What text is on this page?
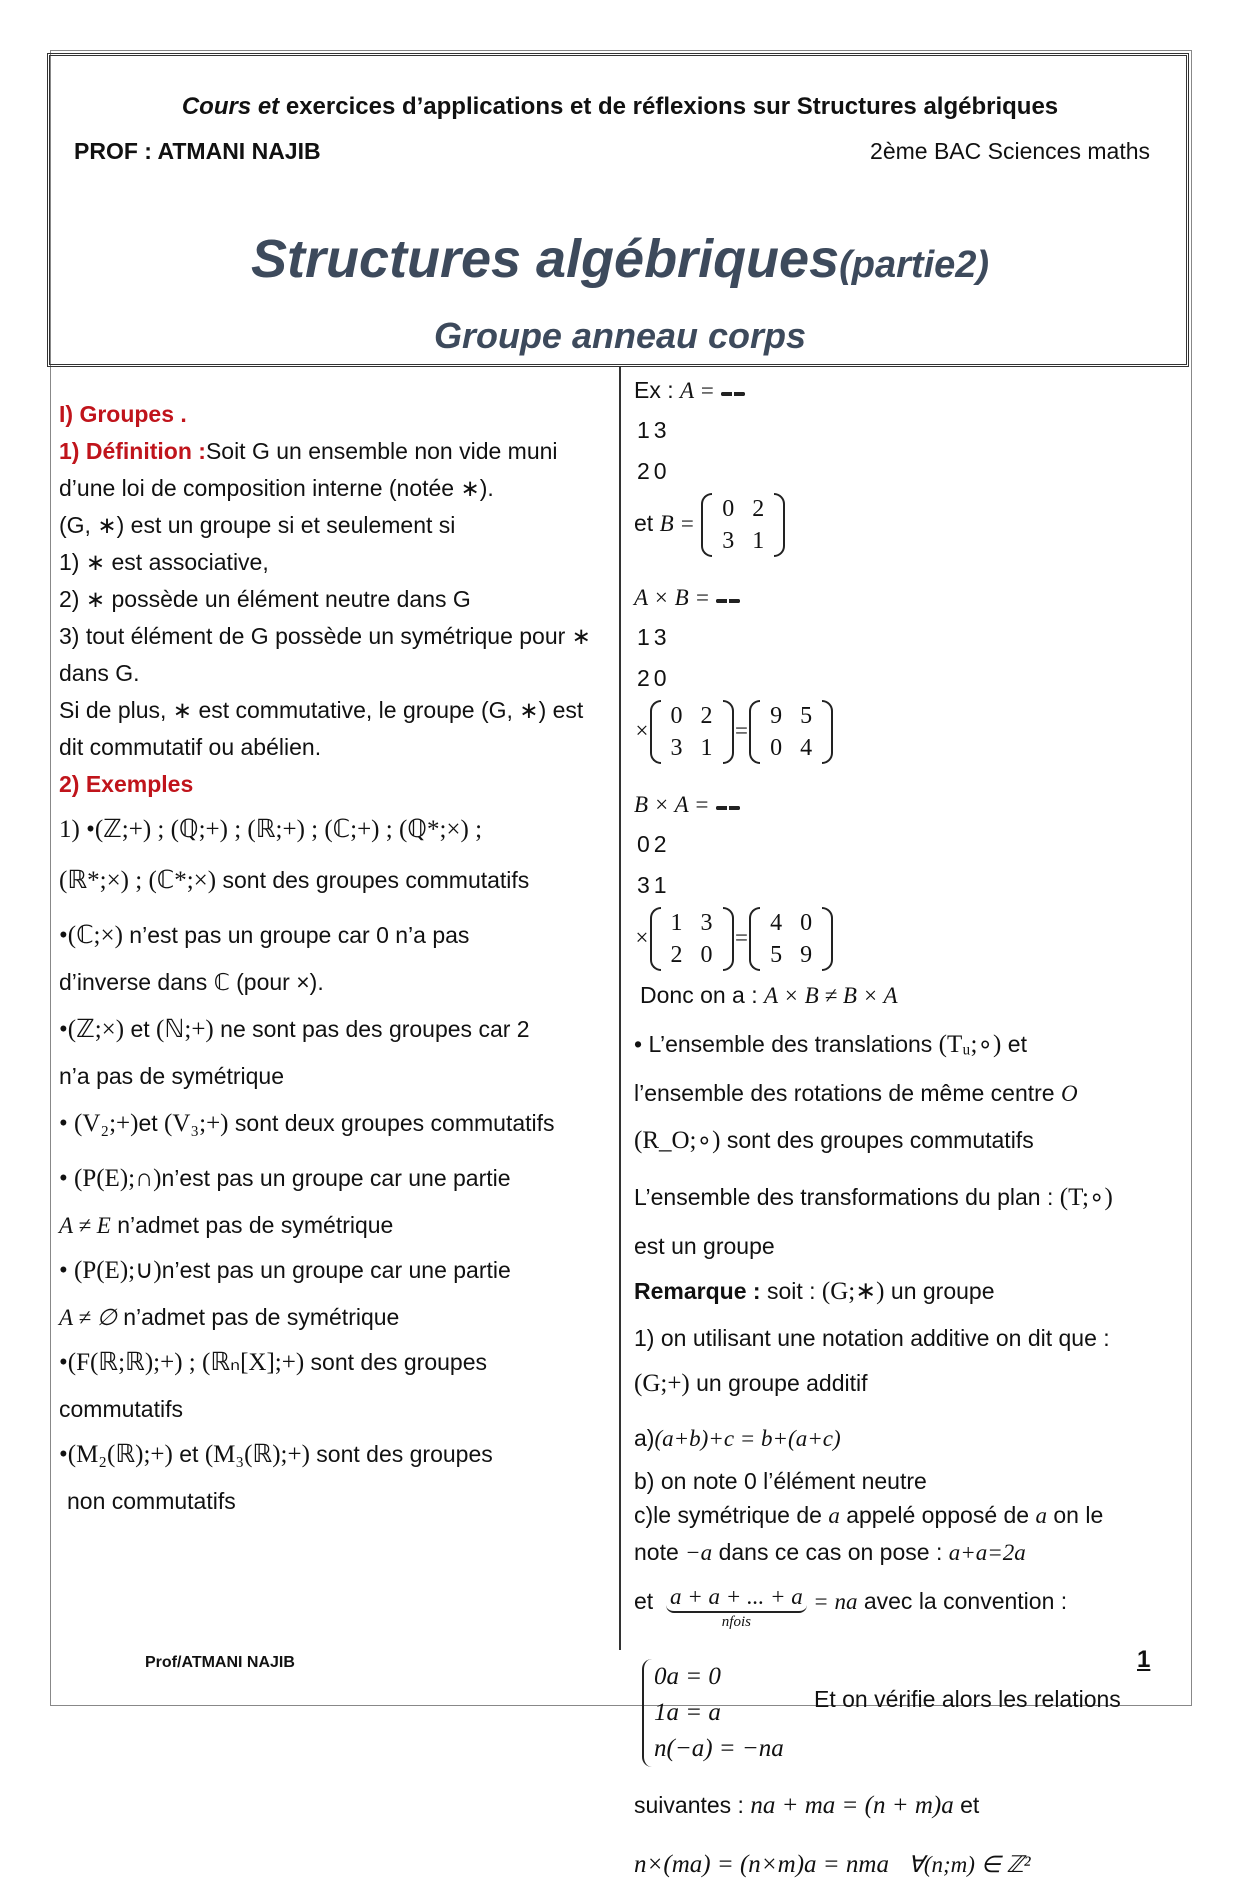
Cours et exercices d’applications et de réflexions sur Structures algébriques
PROF : ATMANI NAJIB	2ème BAC Sciences maths
Structures algébriques(partie2)
Groupe anneau corps

I) Groupes .

1) Définition :Soit G un ensemble non vide muni

d’une loi de composition interne (notée ∗).

(G, ∗) est un groupe si et seulement si

1) ∗ est associative,

2) ∗ possède un élément neutre dans G

3) tout élément de G possède un symétrique pour ∗

dans G.

Si de plus, ∗ est commutative, le groupe (G, ∗) est

dit commutatif ou abélien.

2) Exemples

1) •(ℤ;+) ; (ℚ;+) ; (ℝ;+) ; (ℂ;+) ; (ℚ*;×) ;

(ℝ*;×) ; (ℂ*;×) sont des groupes commutatifs

•(ℂ;×) n’est pas un groupe car 0 n’a pas

d’inverse dans ℂ (pour ×).

•(ℤ;×) et (ℕ;+) ne sont pas des groupes car 2

n’a pas de symétrique

• (V₂;+)et (V₃;+) sont deux groupes commutatifs

• (P(E);∩)n’est pas un groupe car une partie

A ≠ E n’admet pas de symétrique

• (P(E);∪)n’est pas un groupe car une partie

A ≠ ∅ n’admet pas de symétrique

•(F(ℝ;ℝ);+) ; (ℝₙ[X];+) sont des groupes

commutatifs

•(M₂(ℝ);+) et (M₃(ℝ);+) sont des groupes

non commutatifs

Ex : A =

1	3
2	0
et B =
0	2
3	1

A × B =

1	3
2	0
×
0	2
3	1
=
9	5
0	4

B × A =

0	2
3	1
×
1	3
2	0
=
4	0
5	9

Donc on a : A × B ≠ B × A

• L’ensemble des translations (Tᵤ;∘) et

l’ensemble des rotations de même centre O

(R_O;∘) sont des groupes commutatifs

L’ensemble des transformations du plan : (T;∘)

est un groupe

Remarque : soit : (G;∗) un groupe

1) on utilisant une notation additive on dit que :

(G;+) un groupe additif

a)(a+b)+c = b+(a+c)

b) on note 0 l’élément neutre

c)le symétrique de a appelé opposé de a on le

note −a dans ce cas on pose : a+a=2a

et a + a + ... + a
nfois
= na avec la convention :

0a = 0
1a = a
n(−a) = −na
Et on vérifie alors les relations

suivantes : na + ma = (n + m)a et

n×(ma) = (n×m)a = nma ∀(n;m) ∈ ℤ²

Prof/ATMANI NAJIB	1
